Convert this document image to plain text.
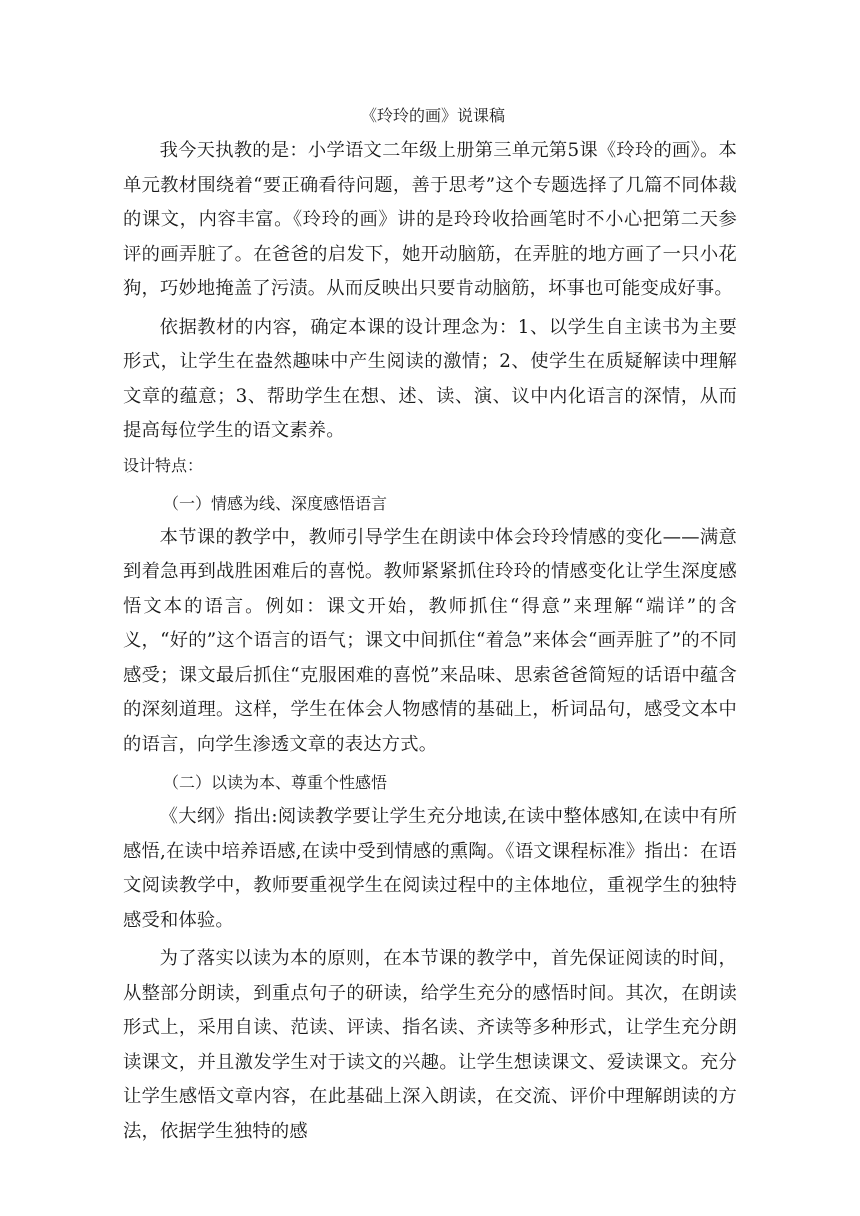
《玲玲的画》说课稿

我今天执教的是：小学语文二年级上册第三单元第5课《玲玲的画》。本单元教材围绕着“要正确看待问题，善于思考”这个专题选择了几篇不同体裁的课文，内容丰富。《玲玲的画》讲的是玲玲收拾画笔时不小心把第二天参评的画弄脏了。在爸爸的启发下，她开动脑筋，在弄脏的地方画了一只小花狗，巧妙地掩盖了污渍。从而反映出只要肯动脑筋，坏事也可能变成好事。

依据教材的内容，确定本课的设计理念为：1、以学生自主读书为主要形式，让学生在盎然趣味中产生阅读的激情；2、使学生在质疑解读中理解文章的蕴意；3、帮助学生在想、述、读、演、议中内化语言的深情，从而提高每位学生的语文素养。

设计特点：

（一）情感为线、深度感悟语言

本节课的教学中，教师引导学生在朗读中体会玲玲情感的变化——满意到着急再到战胜困难后的喜悦。教师紧紧抓住玲玲的情感变化让学生深度感悟文本的语言。例如：课文开始，教师抓住“得意”来理解“端详”的含义，“好的”这个语言的语气；课文中间抓住“着急”来体会“画弄脏了”的不同感受；课文最后抓住“克服困难的喜悦”来品味、思索爸爸简短的话语中蕴含的深刻道理。这样，学生在体会人物感情的基础上，析词品句，感受文本中的语言，向学生渗透文章的表达方式。

（二）以读为本、尊重个性感悟

《大纲》指出:阅读教学要让学生充分地读,在读中整体感知,在读中有所感悟,在读中培养语感,在读中受到情感的熏陶。《语文课程标准》指出：在语文阅读教学中，教师要重视学生在阅读过程中的主体地位，重视学生的独特感受和体验。

为了落实以读为本的原则，在本节课的教学中，首先保证阅读的时间，从整部分朗读，到重点句子的研读，给学生充分的感悟时间。其次，在朗读形式上，采用自读、范读、评读、指名读、齐读等多种形式，让学生充分朗读课文，并且激发学生对于读文的兴趣。让学生想读课文、爱读课文。充分让学生感悟文章内容，在此基础上深入朗读，在交流、评价中理解朗读的方法，依据学生独特的感
